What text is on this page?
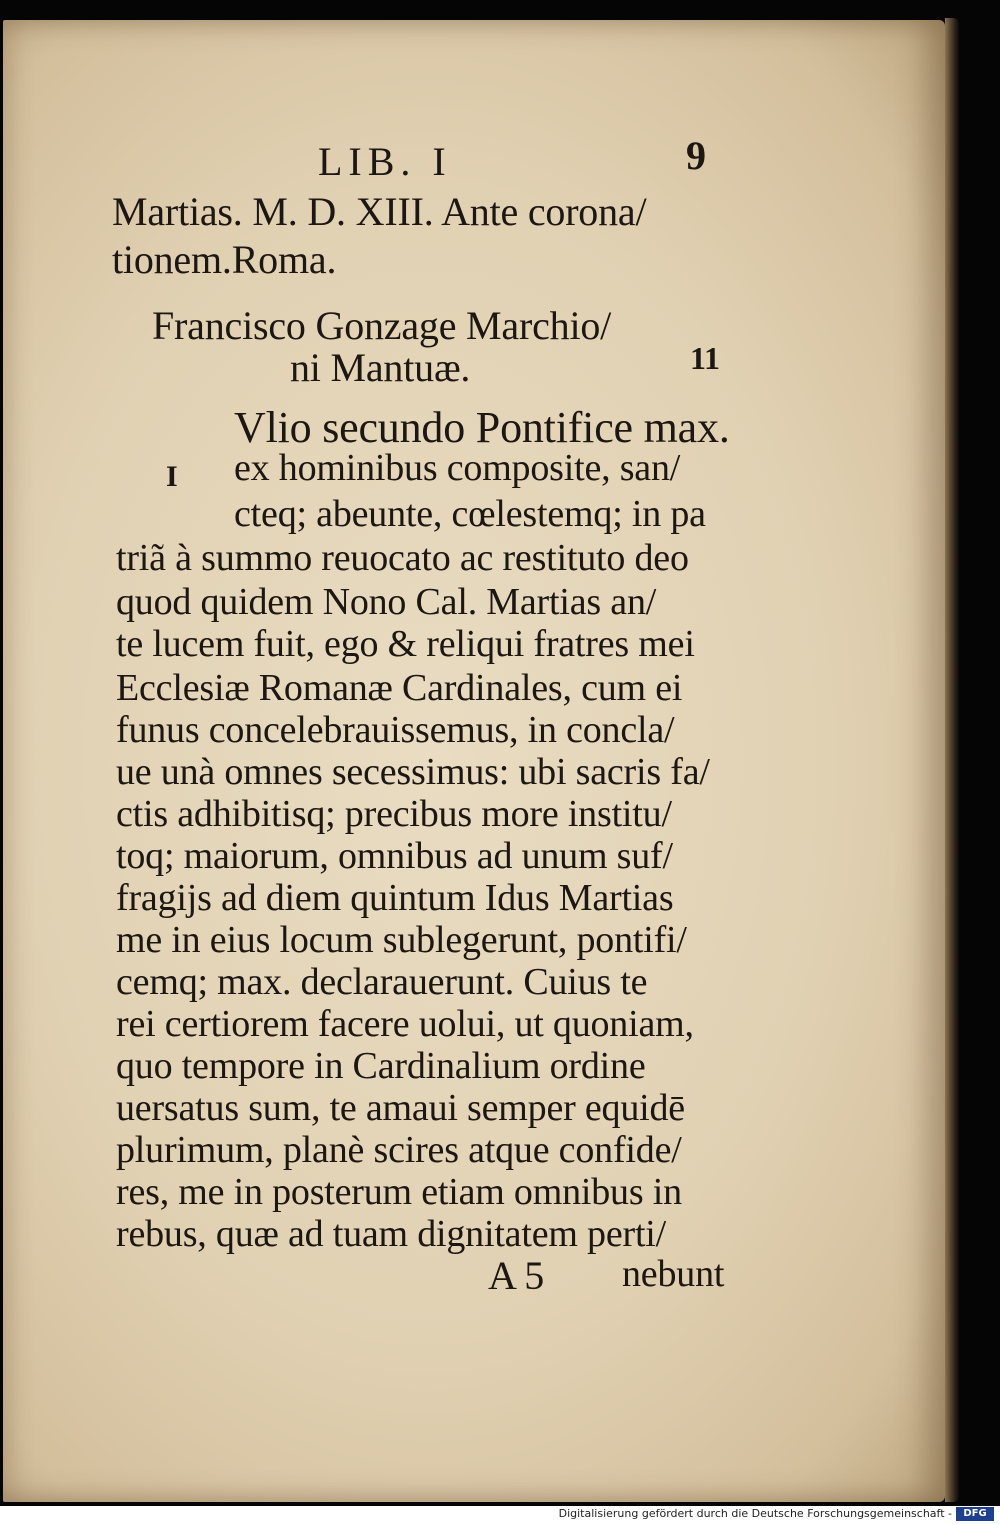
LIB. I	9
Martias. M. D. XIII. Ante corona/
tionem.Roma.
Francisco Gonzage Marchio/
ni Mantuæ.	11
Vlio secundo Pontifice max.
I ex hominibus composite, san/
cteq; abeunte, cœlestemq; in pa
triã à summo reuocato ac restituto deo
quod quidem Nono Cal. Martias an/
te lucem fuit, ego & reliqui fratres mei
Ecclesiæ Romanæ Cardinales, cum ei
funus concelebrauissemus, in concla/
ue unà omnes secessimus: ubi sacris fa/
ctis adhibitisq; precibus more institu/
toq; maiorum, omnibus ad unum suf/
fragijs ad diem quintum Idus Martias
me in eius locum sublegerunt, pontifi/
cemq; max. declarauerunt. Cuius te
rei certiorem facere uolui, ut quoniam,
quo tempore in Cardinalium ordine
uersatus sum, te amaui semper equidē
plurimum, planè scires atque confide/
res, me in posterum etiam omnibus in
rebus, quæ ad tuam dignitatem perti/
A 5 nebunt
Digitalisierung gefördert durch die Deutsche Forschungsgemeinschaft -	DFG
